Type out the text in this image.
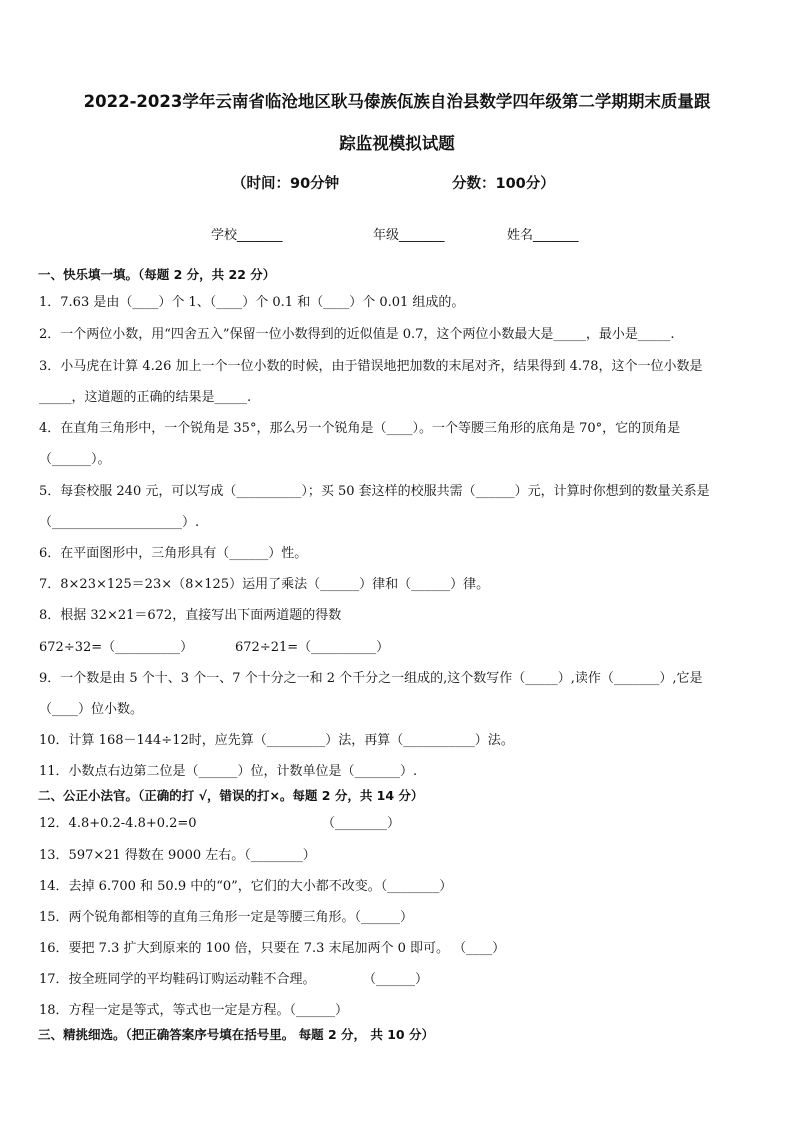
2022-2023学年云南省临沧地区耿马傣族佤族自治县数学四年级第二学期期末质量跟
踪监视模拟试题
（时间：90分钟	分数：100分）
学校_______	年级_______	姓名_______
一、快乐填一填。（每题 2 分，共 22 分）
1．7.63 是由（____）个 1、（____）个 0.1 和（____）个 0.01 组成的。
2．一个两位小数，用“四舍五入”保留一位小数得到的近似值是 0.7，这个两位小数最大是_____，最小是_____.
3．小马虎在计算 4.26 加上一个一位小数的时候，由于错误地把加数的末尾对齐，结果得到 4.78，这个一位小数是
_____，这道题的正确的结果是_____.
4．在直角三角形中，一个锐角是 35°，那么另一个锐角是（____）。一个等腰三角形的底角是 70°，它的顶角是
（______）。
5．每套校服 240 元，可以写成（__________）；买 50 套这样的校服共需（______）元，计算时你想到的数量关系是
（____________________）.
6．在平面图形中，三角形具有（______）性。
7．8×23×125＝23×（8×125）运用了乘法（______）律和（______）律。
8．根据 32×21＝672，直接写出下面两道题的得数
672÷32=（__________）	672÷21=（__________）
9．一个数是由 5 个十、3 个一、7 个十分之一和 2 个千分之一组成的,这个数写作（_____）,读作（_______）,它是
（____）位小数。
10．计算 168－144÷12时，应先算（_________）法，再算（___________）法。
11．小数点右边第二位是（______）位，计数单位是（_______）.
二、公正小法官。（正确的打 √，错误的打×。每题 2 分，共 14 分）
12．4.8+0.2-4.8+0.2=0	（________）
13．597×21 得数在 9000 左右。（________）
14．去掉 6.700 和 50.9 中的“0”，它们的大小都不改变。（________）
15．两个锐角都相等的直角三角形一定是等腰三角形。（______）
16．要把 7.3 扩大到原来的 100 倍，只要在 7.3 末尾加两个 0 即可。 （____）
17．按全班同学的平均鞋码订购运动鞋不合理。	（______）
18．方程一定是等式，等式也一定是方程。（______）
三、精挑细选。（把正确答案序号填在括号里。 每题 2 分， 共 10 分）
